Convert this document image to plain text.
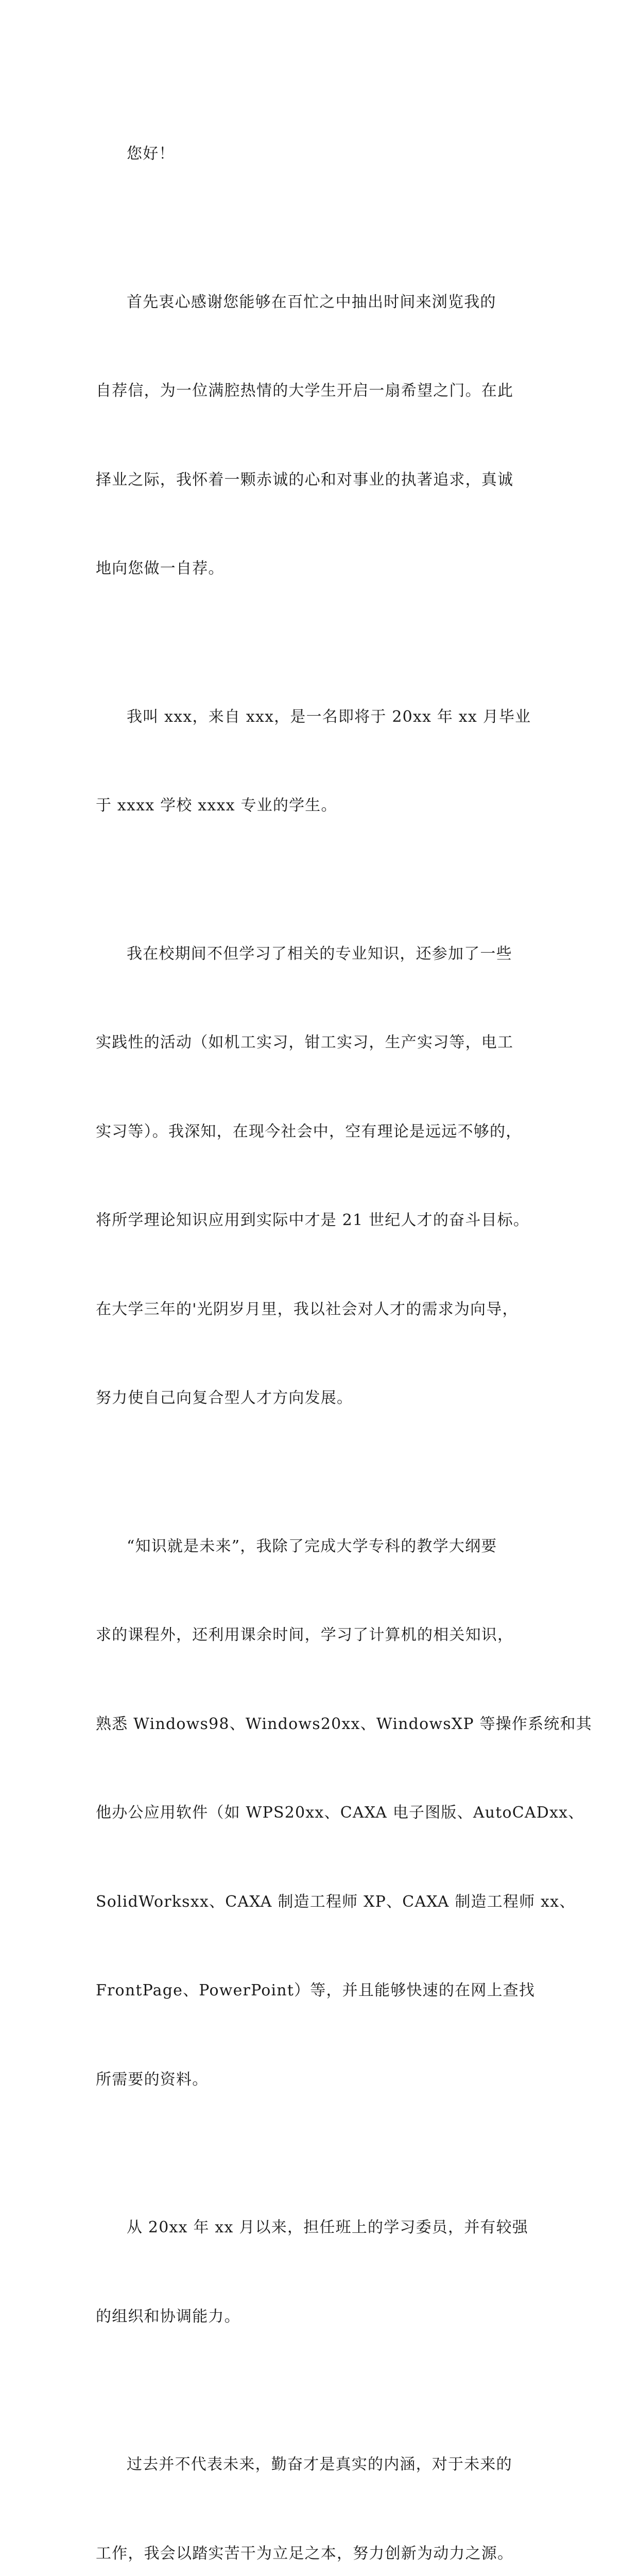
您好！

首先衷心感谢您能够在百忙之中抽出时间来浏览我的

自荐信，为一位满腔热情的大学生开启一扇希望之门。在此

择业之际，我怀着一颗赤诚的心和对事业的执著追求，真诚

地向您做一自荐。

我叫 xxx，来自 xxx，是一名即将于 20xx 年 xx 月毕业

于 xxxx 学校 xxxx 专业的学生。

我在校期间不但学习了相关的专业知识，还参加了一些

实践性的活动（如机工实习，钳工实习，生产实习等，电工

实习等）。我深知，在现今社会中，空有理论是远远不够的，

将所学理论知识应用到实际中才是 21 世纪人才的奋斗目标。

在大学三年的'光阴岁月里，我以社会对人才的需求为向导，

努力使自己向复合型人才方向发展。

“知识就是未来”，我除了完成大学专科的教学大纲要

求的课程外，还利用课余时间，学习了计算机的相关知识，

熟悉 Windows98、Windows20xx、WindowsXP 等操作系统和其

他办公应用软件（如 WPS20xx、CAXA 电子图版、AutoCADxx、

SolidWorksxx、CAXA 制造工程师 XP、CAXA 制造工程师 xx、

FrontPage、PowerPoint）等，并且能够快速的在网上查找

所需要的资料。

从 20xx 年 xx 月以来，担任班上的学习委员，并有较强

的组织和协调能力。

过去并不代表未来，勤奋才是真实的内涵，对于未来的

工作，我会以踏实苦干为立足之本，努力创新为动力之源。
